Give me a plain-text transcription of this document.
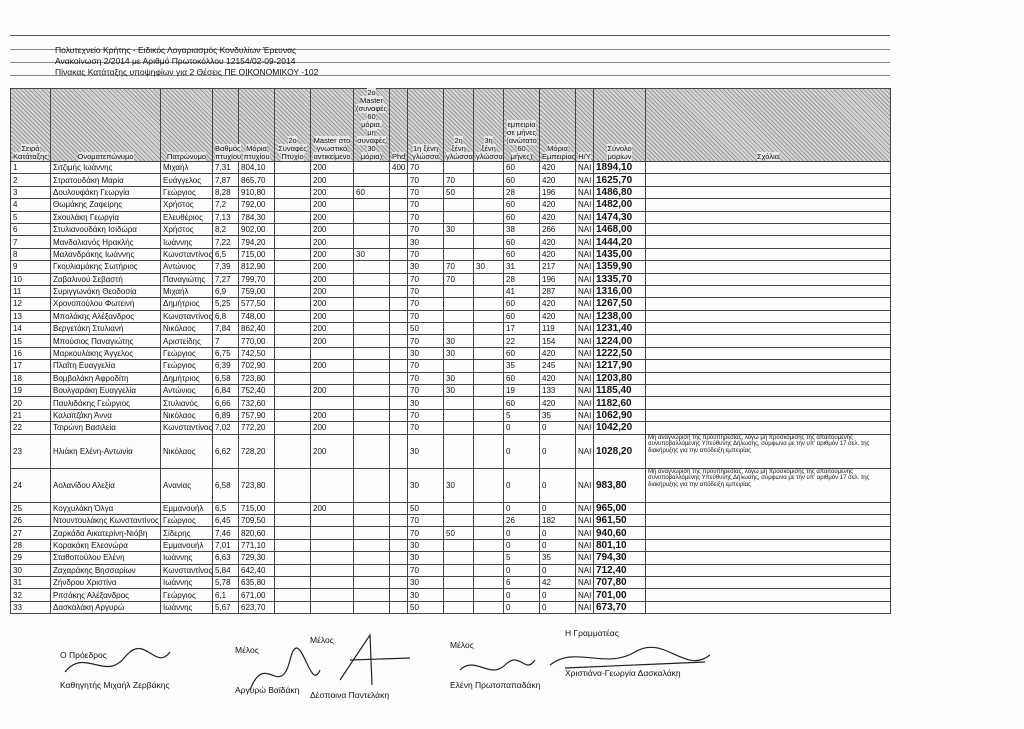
Πολυτεχνείο Κρήτης - Ειδικός Λογαριασμός Κονδυλίων Έρευνας
Ανακοίνωση 2/2014 με Αριθμό Πρωτοκόλλου 12154/02-09-2014
Πίνακας Κατάταξης υποψηφίων για 2 Θέσεις ΠΕ ΟΙΚΟΝΟΜΙΚΟΥ -102
Σειρά Κατάταξης	Ονοματεπώνυμο	Πατρώνυμο	Βαθμός πτυχίου	Μόρια πτυχίου	2ο Συναφές Πτυχίο	Master στο γνωστικό αντικείμενο	2ο Master (συναφές 60 μόρια, μη συναφές 30 μόρια)	Phd	1η ξένη γλώσσα	2η ξένη γλώσσα	3η ξένη γλώσσα	εμπειρία σε μήνες (ανώτατο 60 μήνες)	Μόρια Εμπειρίας	Η/Υ	Σύνολο μορίων	Σχόλια
1	Σιτζιμής Ιωάννης	Μιχαήλ	7,31	804,10		200		400	70			60	420	ΝΑΙ	1894,10	
2	Στρατουδάκη Μαρία	Ευάγγελος	7,87	865,70		200			70	70		60	420	ΝΑΙ	1625,70	
3	Δουλουφάκη Γεωργία	Γεώργιος	8,28	910,80		200	60		70	50		28	196	ΝΑΙ	1486,80	
4	Θωμάκης Ζαφείρης	Χρήστος	7,2	792,00		200			70			60	420	ΝΑΙ	1482,00	
5	Σκουλάκη Γεωργία	Ελευθέριος	7,13	784,30		200			70			60	420	ΝΑΙ	1474,30	
6	Στυλιανουδάκη Ισιδώρα	Χρήστος	8,2	902,00		200			70	30		38	266	ΝΑΙ	1468,00	
7	Μανδαλιανός Ηρακλής	Ιωάννης	7,22	794,20		200			30			60	420	ΝΑΙ	1444,20	
8	Μαλανδράκης Ιωάννης	Κωνσταντίνος	6,5	715,00		200	30		70			60	420	ΝΑΙ	1435,00	
9	Γκουλιαμάκης Σωτήριος	Αντώνιος	7,39	812,90		200			30	70	30	31	217	ΝΑΙ	1359,90	
10	Ζαβαλινού Σεβαστή	Παναγιώτης	7,27	799,70		200			70	70		28	196	ΝΑΙ	1335,70	
11	Συριγγωνάκη Θεοδοσία	Μιχαήλ	6,9	759,00		200			70			41	287	ΝΑΙ	1316,00	
12	Χρονοπούλου Φωτεινή	Δημήτριος	5,25	577,50		200			70			60	420	ΝΑΙ	1267,50	
13	Μπολάκης Αλέξανδρος	Κωνσταντίνος	6,8	748,00		200			70			60	420	ΝΑΙ	1238,00	
14	Βεργετάκη Στυλιανή	Νικόλαος	7,84	862,40		200			50			17	119	ΝΑΙ	1231,40	
15	Μπούσιος Παναγιώτης	Αριστείδης	7	770,00		200			70	30		22	154	ΝΑΙ	1224,00	
16	Μαρκουλάκης Άγγελος	Γεώργιος	6,75	742,50					30	30		60	420	ΝΑΙ	1222,50	
17	Πλαΐτη Ευαγγελία	Γεώργιος	6,39	702,90		200			70			35	245	ΝΑΙ	1217,90	
18	Βομβολάκη Αφροδίτη	Δημήτριος	6,58	723,80					70	30		60	420	ΝΑΙ	1203,80	
19	Βουλγαράκη Ευαγγελία	Αντώνιος	6,84	752,40		200			70	30		19	133	ΝΑΙ	1185,40	
20	Παυλιδάκης Γεώργιος	Στυλιανός	6,66	732,60					30			60	420	ΝΑΙ	1182,60	
21	Καλαϊτζάκη Άννα	Νικόλαος	6,89	757,90		200			70			5	35	ΝΑΙ	1062,90	
22	Τσιρώνη Βασιλεία	Κωνσταντίνος	7,02	772,20		200			70			0	0	ΝΑΙ	1042,20	
23	Ηλιάκη Ελένη-Αντωνία	Νικόλαος	6,62	728,20		200			30			0	0	ΝΑΙ	1028,20	Μη αναγνώριση της προϋπηρεσίας, λόγω μη προσκόμισης της απαιτούμενης συνυποβαλλόμενης Υπεύθυνης Δήλωσης, σύμφωνα με την υπ' αριθμόν 17 σελ. της διακήρυξης για την απόδειξη εμπειρίας
24	Αολανίδου Αλεξία	Ανανίας	6,58	723,80					30	30		0	0	ΝΑΙ	983,80	Μη αναγνώριση της προϋπηρεσίας, λόγω μη προσκόμισης της απαιτούμενης συνυποβαλλόμενης Υπεύθυνης Δήλωσης, σύμφωνα με την υπ' αριθμόν 17 σελ. της διακήρυξης για την απόδειξη εμπειρίας
25	Κογχυλάκη Όλγα	Εμμανουήλ	6,5	715,00		200			50			0	0	ΝΑΙ	965,00	
26	Ντουντουλάκης Κωνσταντίνος	Γεώργιος	6,45	709,50					70			26	182	ΝΑΙ	961,50	
27	Ζαρκάδα Αικατερίνη-Νιόβη	Σίδερης	7,46	820,60					70	50		0	0	ΝΑΙ	940,60	
28	Κορακάκη Ελεονώρα	Εμμανουήλ	7,01	771,10					30			0	0	ΝΑΙ	801,10	
29	Σταθοπούλου Ελένη	Ιωάννης	6,63	729,30					30			5	35	ΝΑΙ	794,30	
30	Ζαχαράκης Βησσαρίων	Κωνσταντίνος	5,84	642,40					70			0	0	ΝΑΙ	712,40	
31	Ζήνδρου Χριστίνα	Ιωάννης	5,78	635,80					30			6	42	ΝΑΙ	707,80	
32	Ριτσάκης Αλέξανδρος	Γεώργιος	6,1	671,00					30			0	0	ΝΑΙ	701,00	
33	Δασκαλάκη Αργυρώ	Ιωάννης	5,67	623,70					50			0	0	ΝΑΙ	673,70	
Ο Πρόεδρος
Καθηγητής Μιχαήλ Ζερβάκης
Μέλος
Αργυρώ Βαϊδάκη
Μέλος
Δέσποινα Παντελάκη
Μέλος
Ελένη Πρωτοπαπαδάκη
Η Γραμματέας
Χριστιάνα-Γεωργία Δασκαλάκη
